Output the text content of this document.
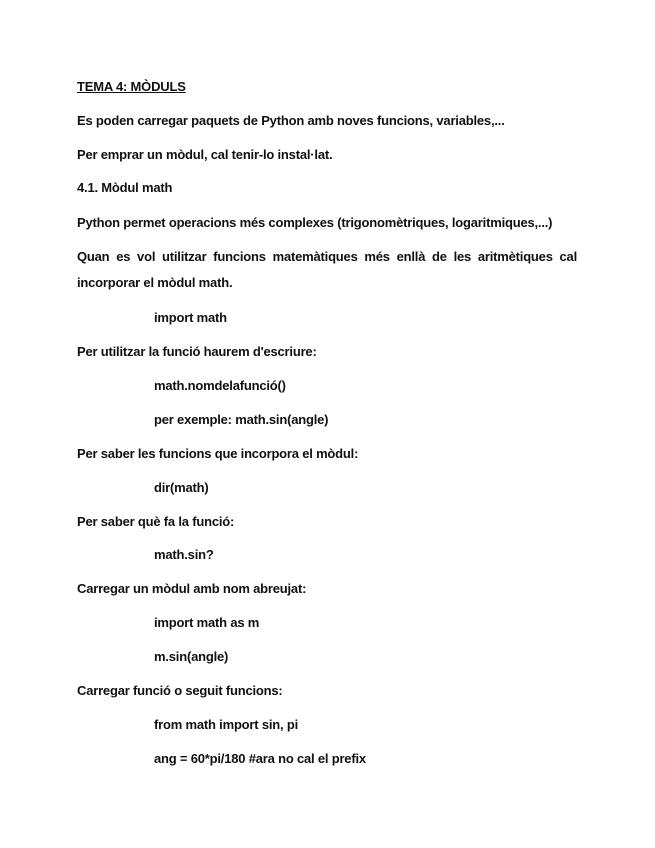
TEMA 4: MÒDULS
Es poden carregar paquets de Python amb noves funcions, variables,...
Per emprar un mòdul, cal tenir-lo instal·lat.
4.1. Mòdul math
Python permet operacions més complexes (trigonomètriques, logaritmiques,...)
Quan es vol utilitzar funcions matemàtiques més enllà de les aritmètiques cal
incorporar el mòdul math.
import math
Per utilitzar la funció haurem d'escriure:
math.nomdelafunció()
per exemple: math.sin(angle)
Per saber les funcions que incorpora el mòdul:
dir(math)
Per saber què fa la funció:
math.sin?
Carregar un mòdul amb nom abreujat:
import math as m
m.sin(angle)
Carregar funció o seguit funcions:
from math import sin, pi
ang = 60*pi/180 #ara no cal el prefix
